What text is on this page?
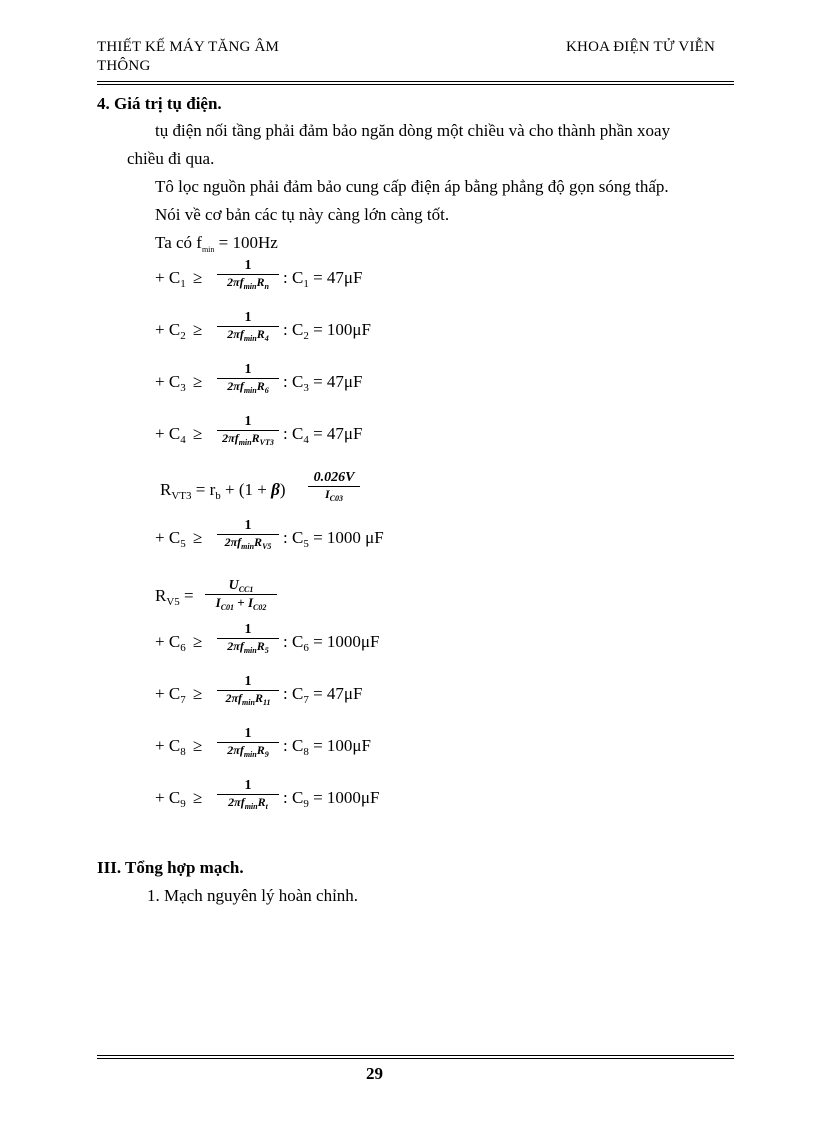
THIẾT KẾ MÁY TĂNG ÂM
THÔNG
KHOA ĐIỆN TỬ VIỄN
4. Giá trị tụ điện.
tụ điện nối tầng phải đảm bảo ngăn dòng một chiều và cho thành phần xoay
chiều đi qua.
Tô lọc nguồn phải đảm bảo cung cấp điện áp bằng phẳng độ gọn sóng thấp.
Nói về cơ bản các tụ này càng lớn càng tốt.
Ta có $f_{min} = 100Hz$
+ $C_1$ ≥
1
$2\pi f_{min}R_n$ : $C_1 = 47\mu F$
+ $C_2$ ≥
1
$2\pi f_{min}R_4$ : $C_2 = 100\mu F$
+ $C_3$ ≥
1
$2\pi f_{min}R_6$ : $C_3 = 47\mu F$
+ $C_4$ ≥
1
$2\pi f_{min}R_{VT3}$ : $C_4 = 47\mu F$
+ $C_5$ ≥
1
$2\pi f_{min}R_{V5}$ : $C_5 = 1000$ μF
+ $C_6$ ≥
1
$2\pi f_{min}R_5$ : $C_6 = 1000\mu F$
+ $C_7$ ≥
1
$2\pi f_{min}R_{11}$ : $C_7 = 47\mu F$
+ $C_8$ ≥
1
$2\pi f_{min}R_9$ : $C_8 = 100\mu F$
+ $C_9$ ≥
1
$2\pi f_{min}R_t$ : $C_9 = 1000\mu F$
$R_{VT3} = r_b + (1 + \beta)$
0.026V
$I_{C03}$
$R_{V5}$ =
$U_{CC1}$
$I_{C01} + I_{C02}$
III. Tổng hợp mạch.
1. Mạch nguyên lý hoàn chỉnh.
29
